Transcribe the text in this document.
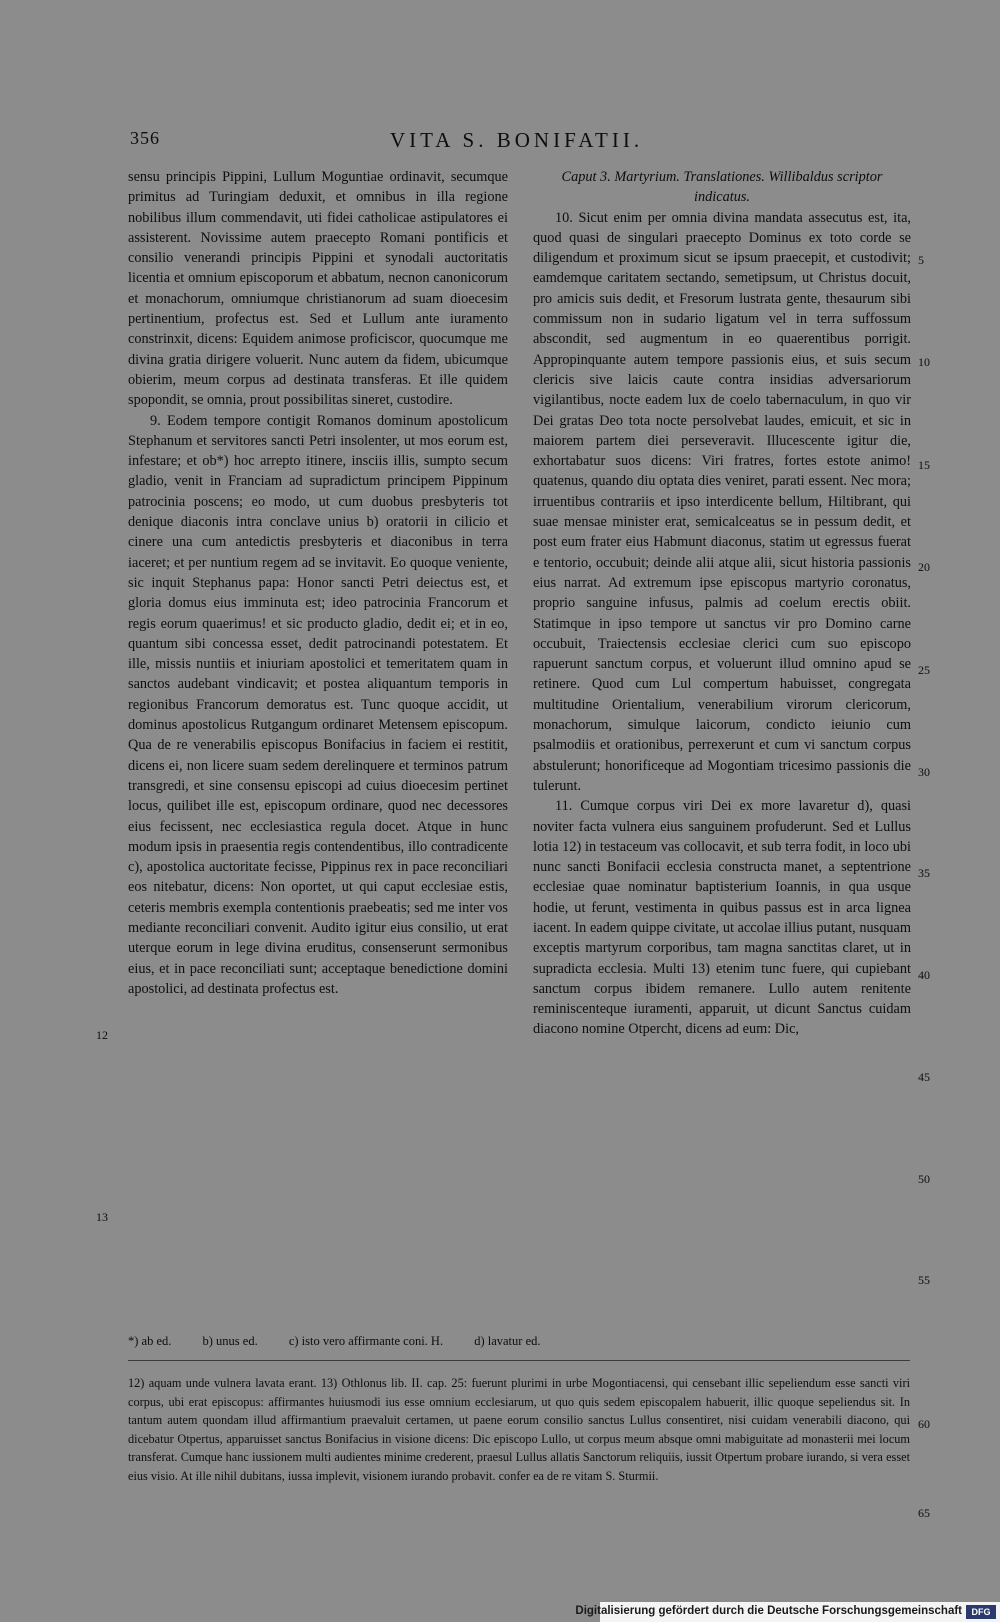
356	VITA S. BONIFATII.

sensu principis Pippini, Lullum Moguntiae ordinavit, secumque primitus ad Turingiam deduxit, et omnibus in illa regione nobilibus illum commendavit, uti fidei catholicae astipulatores ei assisterent. Novissime autem praecepto Romani pontificis et consilio venerandi principis Pippini et synodali auctoritatis licentia et omnium episcoporum et abbatum, necnon canonicorum et monachorum, omniumque christianorum ad suam dioecesim pertinentium, profectus est. Sed et Lullum ante iuramento constrinxit, dicens: Equidem animose proficiscor, quocumque me divina gratia dirigere voluerit. Nunc autem da fidem, ubicumque obierim, meum corpus ad destinata transferas. Et ille quidem spopondit, se omnia, prout possibilitas sineret, custodire.

9. Eodem tempore contigit Romanos dominum apostolicum Stephanum et servitores sancti Petri insolenter, ut mos eorum est, infestare; et ob*) hoc arrepto itinere, insciis illis, sumpto secum gladio, venit in Franciam ad supradictum principem Pippinum patrocinia poscens; eo modo, ut cum duobus presbyteris tot denique diaconis intra conclave unius b) oratorii in cilicio et cinere una cum antedictis presbyteris et diaconibus in terra iaceret; et per nuntium regem ad se invitavit. Eo quoque veniente, sic inquit Stephanus papa: Honor sancti Petri deiectus est, et gloria domus eius imminuta est; ideo patrocinia Francorum et regis eorum quaerimus! et sic producto gladio, dedit ei; et in eo, quantum sibi concessa esset, dedit patrocinandi potestatem. Et ille, missis nuntiis et iniuriam apostolici et temeritatem quam in sanctos audebant vindicavit; et postea aliquantum temporis in regionibus Francorum demoratus est. Tunc quoque accidit, ut dominus apostolicus Rutgangum ordinaret Metensem episcopum. Qua de re venerabilis episcopus Bonifacius in faciem ei restitit, dicens ei, non licere suam sedem derelinquere et terminos patrum transgredi, et sine consensu episcopi ad cuius dioecesim pertinet locus, quilibet ille est, episcopum ordinare, quod nec decessores eius fecissent, nec ecclesiastica regula docet. Atque in hunc modum ipsis in praesentia regis contendentibus, illo contradicente c), apostolica auctoritate fecisse, Pippinus rex in pace reconciliari eos nitebatur, dicens: Non oportet, ut qui caput ecclesiae estis, ceteris membris exempla contentionis praebeatis; sed me inter vos mediante reconciliari convenit. Audito igitur eius consilio, ut erat uterque eorum in lege divina eruditus, consenserunt sermonibus eius, et in pace reconciliati sunt; acceptaque benedictione domini apostolici, ad destinata profectus est.

Caput 3. Martyrium. Translationes. Willibaldus scriptor indicatus.

10. Sicut enim per omnia divina mandata assecutus est, ita, quod quasi de singulari praecepto Dominus ex toto corde se diligendum et proximum sicut se ipsum praecepit, et custodivit; eamdemque caritatem sectando, semetipsum, ut Christus docuit, pro amicis suis dedit, et Fresorum lustrata gente, thesaurum sibi commissum non in sudario ligatum vel in terra suffossum abscondit, sed augmentum in eo quaerentibus porrigit. Appropinquante autem tempore passionis eius, et suis secum clericis sive laicis caute contra insidias adversariorum vigilantibus, nocte eadem lux de coelo tabernaculum, in quo vir Dei gratas Deo tota nocte persolvebat laudes, emicuit, et sic in maiorem partem diei perseveravit. Illucescente igitur die, exhortabatur suos dicens: Viri fratres, fortes estote animo! quatenus, quando diu optata dies veniret, parati essent. Nec mora; irruentibus contrariis et ipso interdicente bellum, Hiltibrant, qui suae mensae minister erat, semicalceatus se in pessum dedit, et post eum frater eius Habmunt diaconus, statim ut egressus fuerat e tentorio, occubuit; deinde alii atque alii, sicut historia passionis eius narrat. Ad extremum ipse episcopus martyrio coronatus, proprio sanguine infusus, palmis ad coelum erectis obiit. Statimque in ipso tempore ut sanctus vir pro Domino carne occubuit, Traiectensis ecclesiae clerici cum suo episcopo rapuerunt sanctum corpus, et voluerunt illud omnino apud se retinere. Quod cum Lul compertum habuisset, congregata multitudine Orientalium, venerabilium virorum clericorum, monachorum, simulque laicorum, condicto ieiunio cum psalmodiis et orationibus, perrexerunt et cum vi sanctum corpus abstulerunt; honorificeque ad Mogontiam tricesimo passionis die tulerunt.

11. Cumque corpus viri Dei ex more lavaretur d), quasi noviter facta vulnera eius sanguinem profuderunt. Sed et Lullus lotia 12) in testaceum vas collocavit, et sub terra fodit, in loco ubi nunc sancti Bonifacii ecclesia constructa manet, a septentrione ecclesiae quae nominatur baptisterium Ioannis, in qua usque hodie, ut ferunt, vestimenta in quibus passus est in arca lignea iacent. In eadem quippe civitate, ut accolae illius putant, nusquam exceptis martyrum corporibus, tam magna sanctitas claret, ut in supradicta ecclesia. Multi 13) etenim tunc fuere, qui cupiebant sanctum corpus ibidem remanere. Lullo autem renitente reminiscenteque iuramenti, apparuit, ut dicunt Sanctus cuidam diacono nomine Otpercht, dicens ad eum: Dic,

12
13
5
10
15
20
25
30
35
40
45
50
55
60
65
*) ab ed. b) unus ed. c) isto vero affirmante coni. H. d) lavatur ed.
12) aquam unde vulnera lavata erant. 13) Othlonus lib. II. cap. 25: fuerunt plurimi in urbe Mogontiacensi, qui censebant illic sepeliendum esse sancti viri corpus, ubi erat episcopus: affirmantes huiusmodi ius esse omnium ecclesiarum, ut quo quis sedem episcopalem habuerit, illic quoque sepeliendus sit. In tantum autem quondam illud affirmantium praevaluit certamen, ut paene eorum consilio sanctus Lullus consentiret, nisi cuidam venerabili diacono, qui dicebatur Otpertus, apparuisset sanctus Bonifacius in visione dicens: Dic episcopo Lullo, ut corpus meum absque omni mabiguitate ad monasterii mei locum transferat. Cumque hanc iussionem multi audientes minime crederent, praesul Lullus allatis Sanctorum reliquiis, iussit Otpertum probare iurando, si vera esset eius visio. At ille nihil dubitans, iussa implevit, visionem iurando probavit. confer ea de re vitam S. Sturmii.
Digitalisierung gefördert durch die Deutsche Forschungsgemeinschaft	DFG
